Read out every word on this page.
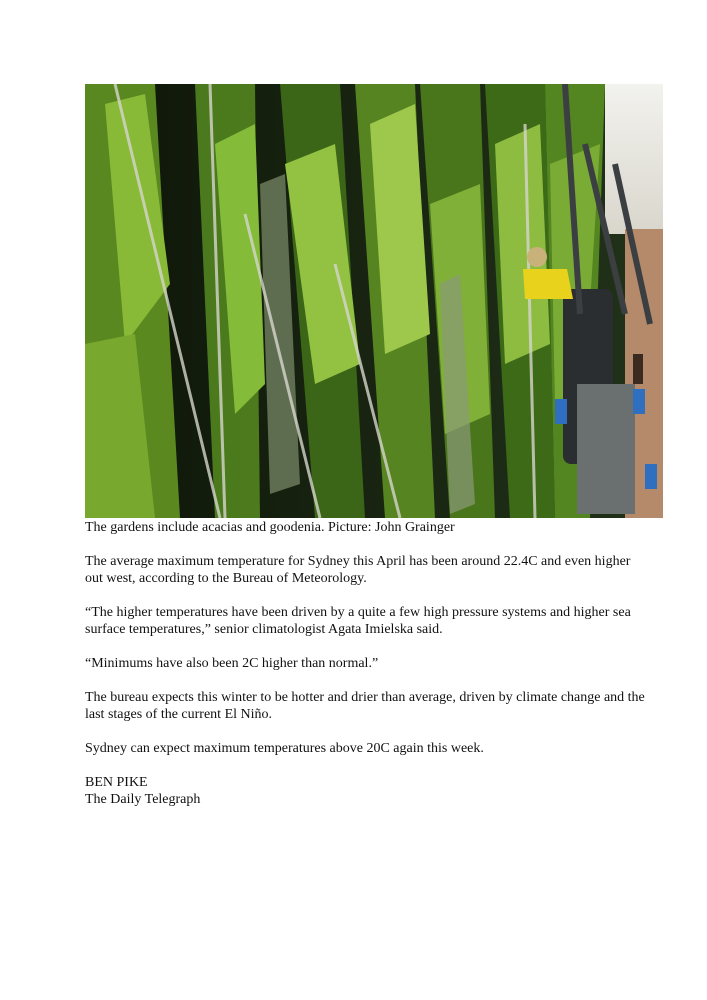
The gardens include acacias and goodenia. Picture: John Grainger

The average maximum temperature for Sydney this April has been around 22.4C and even higher out west, according to the Bureau of Meteorology.

“The higher temperatures have been driven by a quite a few high pressure systems and higher sea surface temperatures,” senior climatologist Agata Imielska said.

“Minimums have also been 2C higher than normal.”

The bureau expects this winter to be hotter and drier than average, driven by climate change and the last stages of the current El Niño.

Sydney can expect maximum temperatures above 20C again this week.

BEN PIKE

The Daily Telegraph
